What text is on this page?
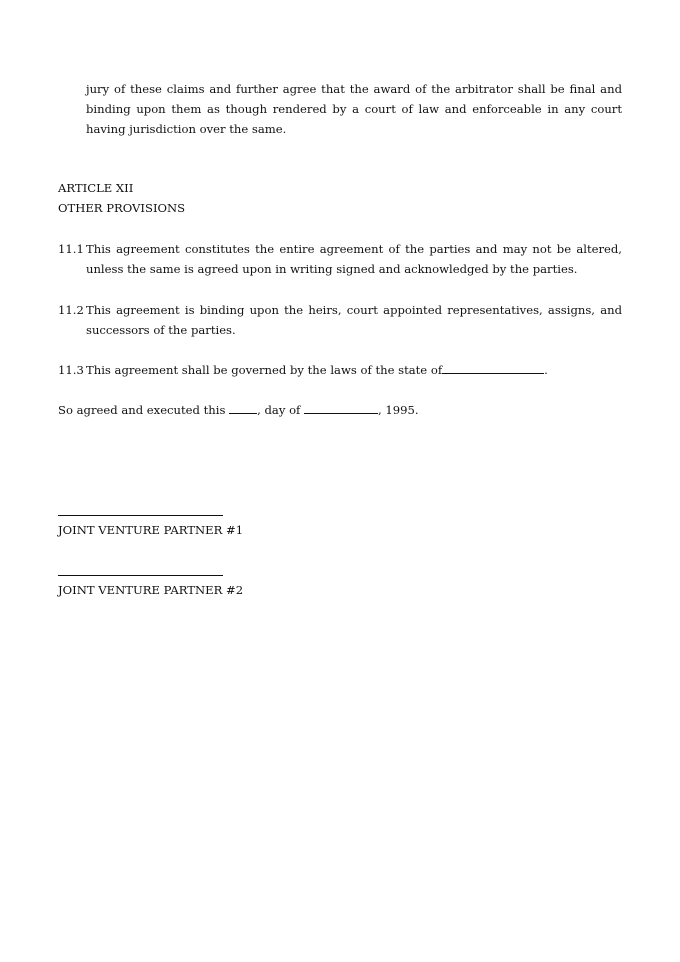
jury of these claims and further agree that the award of the arbitrator shall be final and binding upon them as though rendered by a court of law and enforceable in any court having jurisdiction over the same.
ARTICLE XII
OTHER PROVISIONS
11.1 This agreement constitutes the entire agreement of the parties and may not be altered, unless the same is agreed upon in writing signed and acknowledged by the parties.
11.2 This agreement is binding upon the heirs, court appointed representatives, assigns, and successors of the parties.
11.3 This agreement shall be governed by the laws of the state of	.
So agreed and executed this	, day of	, 1995.
JOINT VENTURE PARTNER #1
JOINT VENTURE PARTNER #2
